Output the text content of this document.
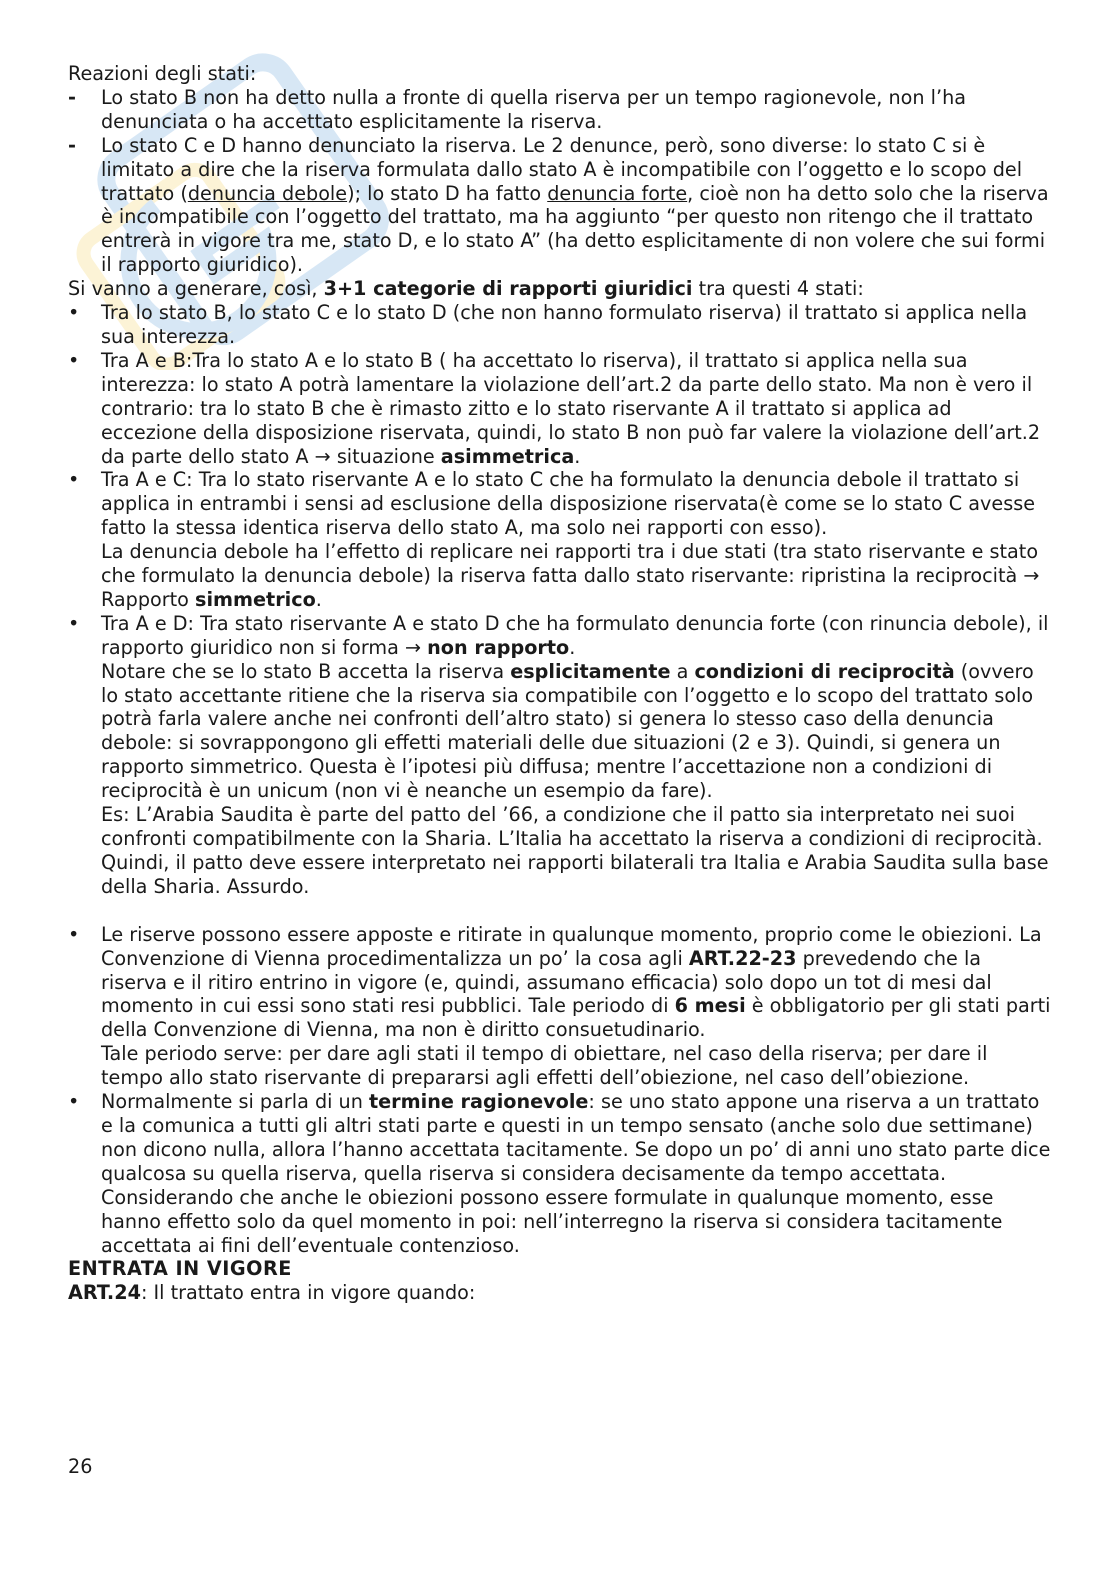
Reazioni degli stati:

- Lo stato B non ha detto nulla a fronte di quella riserva per un tempo ragionevole, non l’ha denunciata o ha accettato esplicitamente la riserva.

- Lo stato C e D hanno denunciato la riserva. Le 2 denunce, però, sono diverse: lo stato C si è limitato a dire che la riserva formulata dallo stato A è incompatibile con l’oggetto e lo scopo del trattato (denuncia debole); lo stato D ha fatto denuncia forte, cioè non ha detto solo che la riserva è incompatibile con l’oggetto del trattato, ma ha aggiunto “per questo non ritengo che il trattato entrerà in vigore tra me, stato D, e lo stato A” (ha detto esplicitamente di non volere che sui formi il rapporto giuridico).

Si vanno a generare, così, 3+1 categorie di rapporti giuridici tra questi 4 stati:

• Tra lo stato B, lo stato C e lo stato D (che non hanno formulato riserva) il trattato si applica nella sua interezza.

• Tra A e B:Tra lo stato A e lo stato B ( ha accettato lo riserva), il trattato si applica nella sua interezza: lo stato A potrà lamentare la violazione dell’art.2 da parte dello stato. Ma non è vero il contrario: tra lo stato B che è rimasto zitto e lo stato riservante A il trattato si applica ad eccezione della disposizione riservata, quindi, lo stato B non può far valere la violazione dell’art.2 da parte dello stato A → situazione asimmetrica.

• Tra A e C: Tra lo stato riservante A e lo stato C che ha formulato la denuncia debole il trattato si applica in entrambi i sensi ad esclusione della disposizione riservata(è come se lo stato C avesse fatto la stessa identica riserva dello stato A, ma solo nei rapporti con esso).

La denuncia debole ha l’effetto di replicare nei rapporti tra i due stati (tra stato riservante e stato che formulato la denuncia debole) la riserva fatta dallo stato riservante: ripristina la reciprocità → Rapporto simmetrico.

• Tra A e D: Tra stato riservante A e stato D che ha formulato denuncia forte (con rinuncia debole), il rapporto giuridico non si forma → non rapporto.

Notare che se lo stato B accetta la riserva esplicitamente a condizioni di reciprocità (ovvero lo stato accettante ritiene che la riserva sia compatibile con l’oggetto e lo scopo del trattato solo potrà farla valere anche nei confronti dell’altro stato) si genera lo stesso caso della denuncia debole: si sovrappongono gli effetti materiali delle due situazioni (2 e 3). Quindi, si genera un rapporto simmetrico. Questa è l’ipotesi più diffusa; mentre l’accettazione non a condizioni di reciprocità è un unicum (non vi è neanche un esempio da fare).

Es: L’Arabia Saudita è parte del patto del ’66, a condizione che il patto sia interpretato nei suoi confronti compatibilmente con la Sharia. L’Italia ha accettato la riserva a condizioni di reciprocità. Quindi, il patto deve essere interpretato nei rapporti bilaterali tra Italia e Arabia Saudita sulla base della Sharia. Assurdo.

• Le riserve possono essere apposte e ritirate in qualunque momento, proprio come le obiezioni. La Convenzione di Vienna procedimentalizza un po’ la cosa agli ART.22-23 prevedendo che la riserva e il ritiro entrino in vigore (e, quindi, assumano efficacia) solo dopo un tot di mesi dal momento in cui essi sono stati resi pubblici. Tale periodo di 6 mesi è obbligatorio per gli stati parti della Convenzione di Vienna, ma non è diritto consuetudinario.

Tale periodo serve: per dare agli stati il tempo di obiettare, nel caso della riserva; per dare il tempo allo stato riservante di prepararsi agli effetti dell’obiezione, nel caso dell’obiezione.

• Normalmente si parla di un termine ragionevole: se uno stato appone una riserva a un trattato e la comunica a tutti gli altri stati parte e questi in un tempo sensato (anche solo due settimane) non dicono nulla, allora l’hanno accettata tacitamente. Se dopo un po’ di anni uno stato parte dice qualcosa su quella riserva, quella riserva si considera decisamente da tempo accettata.

Considerando che anche le obiezioni possono essere formulate in qualunque momento, esse hanno effetto solo da quel momento in poi: nell’interregno la riserva si considera tacitamente accettata ai fini dell’eventuale contenzioso.

ENTRATA IN VIGORE

ART.24: Il trattato entra in vigore quando:

26
